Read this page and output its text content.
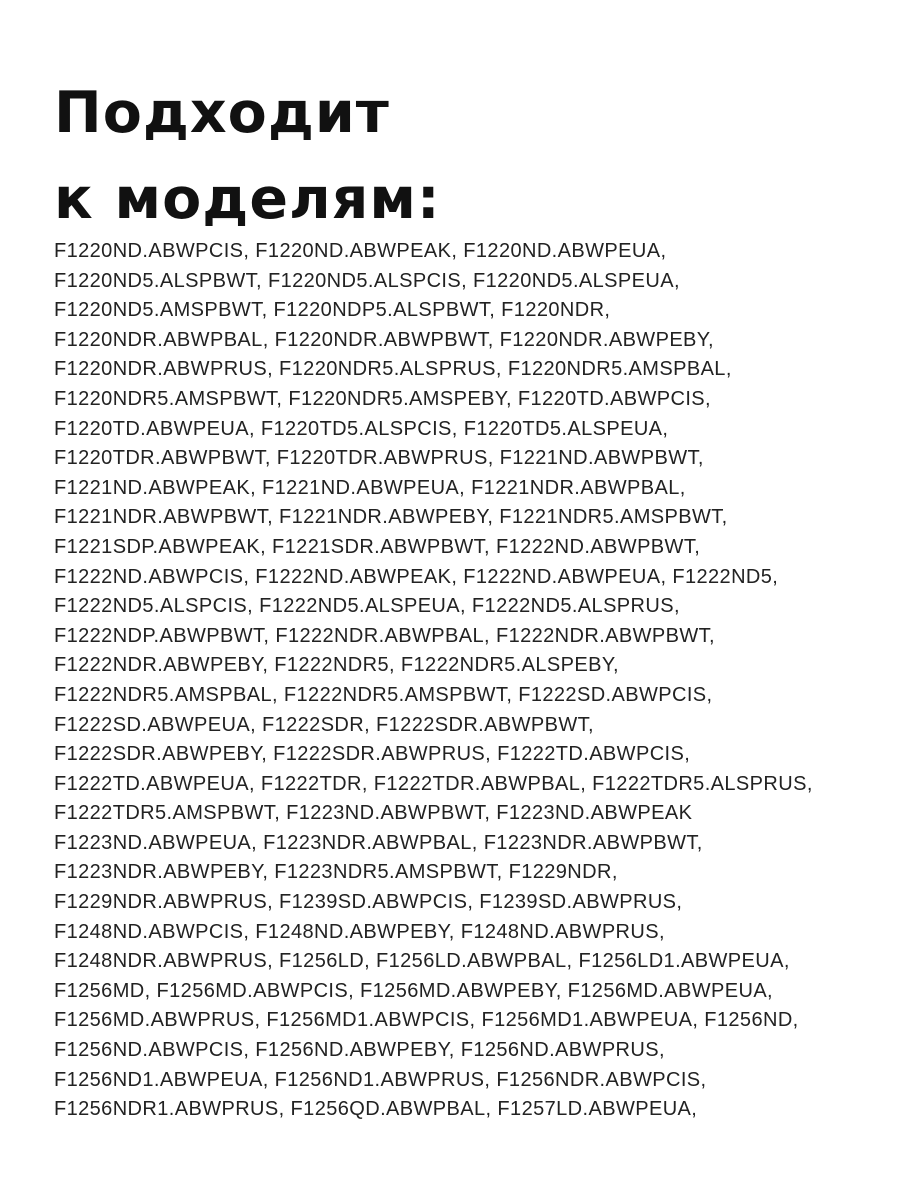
Подходит
к моделям:
F1220ND.ABWPCIS, F1220ND.ABWPEAK, F1220ND.ABWPEUA,
F1220ND5.ALSPBWT, F1220ND5.ALSPCIS, F1220ND5.ALSPEUA,
F1220ND5.AMSPBWT, F1220NDP5.ALSPBWT, F1220NDR,
F1220NDR.ABWPBAL, F1220NDR.ABWPBWT, F1220NDR.ABWPEBY,
F1220NDR.ABWPRUS, F1220NDR5.ALSPRUS, F1220NDR5.AMSPBAL,
F1220NDR5.AMSPBWT, F1220NDR5.AMSPEBY, F1220TD.ABWPCIS,
F1220TD.ABWPEUA, F1220TD5.ALSPCIS, F1220TD5.ALSPEUA,
F1220TDR.ABWPBWT, F1220TDR.ABWPRUS, F1221ND.ABWPBWT,
F1221ND.ABWPEAK, F1221ND.ABWPEUA, F1221NDR.ABWPBAL,
F1221NDR.ABWPBWT, F1221NDR.ABWPEBY, F1221NDR5.AMSPBWT,
F1221SDP.ABWPEAK, F1221SDR.ABWPBWT, F1222ND.ABWPBWT,
F1222ND.ABWPCIS, F1222ND.ABWPEAK, F1222ND.ABWPEUA, F1222ND5,
F1222ND5.ALSPCIS, F1222ND5.ALSPEUA, F1222ND5.ALSPRUS,
F1222NDP.ABWPBWT, F1222NDR.ABWPBAL, F1222NDR.ABWPBWT,
F1222NDR.ABWPEBY, F1222NDR5, F1222NDR5.ALSPEBY,
F1222NDR5.AMSPBAL, F1222NDR5.AMSPBWT, F1222SD.ABWPCIS,
F1222SD.ABWPEUA, F1222SDR, F1222SDR.ABWPBWT,
F1222SDR.ABWPEBY, F1222SDR.ABWPRUS, F1222TD.ABWPCIS,
F1222TD.ABWPEUA, F1222TDR, F1222TDR.ABWPBAL, F1222TDR5.ALSPRUS,
F1222TDR5.AMSPBWT, F1223ND.ABWPBWT, F1223ND.ABWPEAK
F1223ND.ABWPEUA, F1223NDR.ABWPBAL, F1223NDR.ABWPBWT,
F1223NDR.ABWPEBY, F1223NDR5.AMSPBWT, F1229NDR,
F1229NDR.ABWPRUS, F1239SD.ABWPCIS, F1239SD.ABWPRUS,
F1248ND.ABWPCIS, F1248ND.ABWPEBY, F1248ND.ABWPRUS,
F1248NDR.ABWPRUS, F1256LD, F1256LD.ABWPBAL, F1256LD1.ABWPEUA,
F1256MD, F1256MD.ABWPCIS, F1256MD.ABWPEBY, F1256MD.ABWPEUA,
F1256MD.ABWPRUS, F1256MD1.ABWPCIS, F1256MD1.ABWPEUA, F1256ND,
F1256ND.ABWPCIS, F1256ND.ABWPEBY, F1256ND.ABWPRUS,
F1256ND1.ABWPEUA, F1256ND1.ABWPRUS, F1256NDR.ABWPCIS,
F1256NDR1.ABWPRUS, F1256QD.ABWPBAL, F1257LD.ABWPEUA,
